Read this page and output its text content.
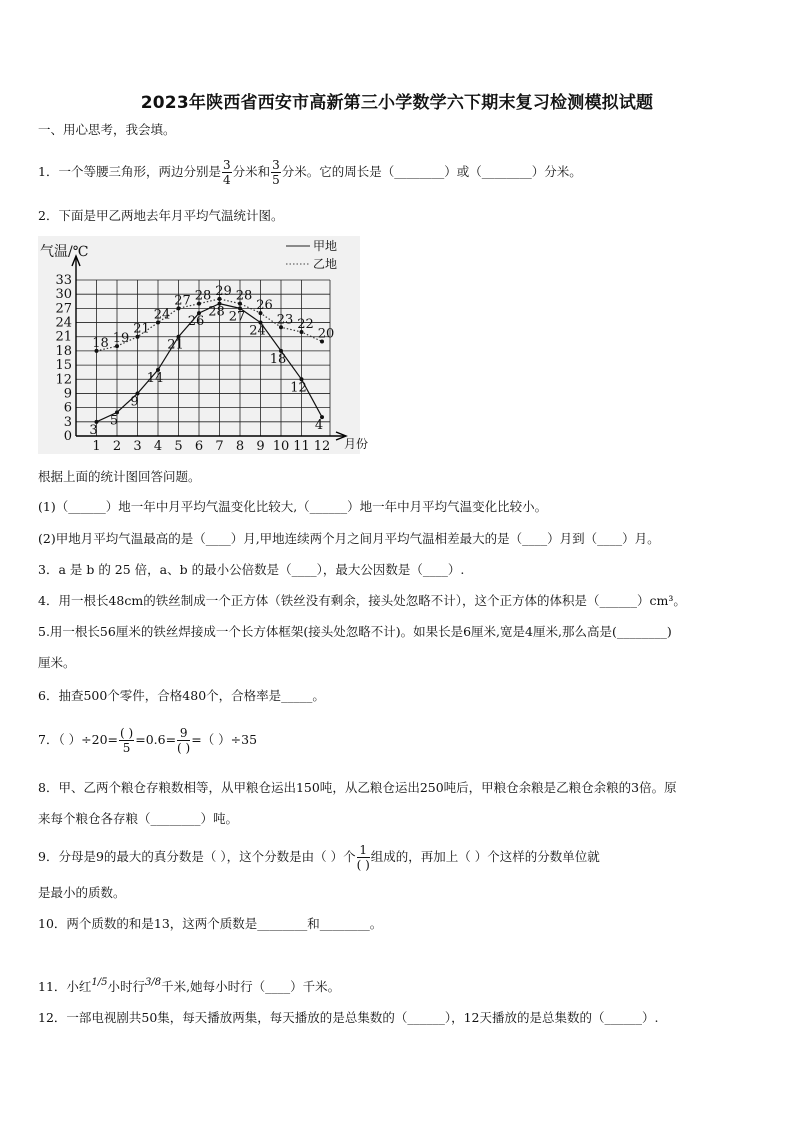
2023年陕西省西安市高新第三小学数学六下期末复习检测模拟试题
一、用心思考，我会填。
1．一个等腰三角形，两边分别是 $\frac{3}{4}$ 分米和 $\frac{3}{5}$ 分米。它的周长是（________）或（________）分米。
2．下面是甲乙两地去年月平均气温统计图。
0
3
6
9
12
15
18
21
24
27
30
33
1 2 3 4 5 6 7 8 9 10 11 12
气温/℃
月份
甲地
乙地
3
5
9
14
21
26
28 27
24
18
12
4
18 19
21
24
27 28 29 28
26
23 22
20
根据上面的统计图回答问题。
(1)（______）地一年中月平均气温变化比较大,（______）地一年中月平均气温变化比较小。
(2)甲地月平均气温最高的是（____）月,甲地连续两个月之间月平均气温相差最大的是（____）月到（____）月。
3．a 是 b 的 25 倍，a、b 的最小公倍数是（____），最大公因数是（____）.
4．用一根长48cm的铁丝制成一个正方体（铁丝没有剩余，接头处忽略不计），这个正方体的体积是（______）cm³。
5.用一根长56厘米的铁丝焊接成一个长方体框架(接头处忽略不计)。如果长是6厘米,宽是4厘米,那么高是(________)
厘米。
6．抽查500个零件，合格480个，合格率是_____。
7．（ ）$\div 20= \frac{( )}{5} =0.6= \frac{9}{( )}$ =（ ）÷35
8．甲、乙两个粮仓存粮数相等，从甲粮仓运出150吨，从乙粮仓运出250吨后，甲粮仓余粮是乙粮仓余粮的3倍。原
来每个粮仓各存粮（________）吨。
9．分母是9的最大的真分数是（ ），这个分数是由（ ）个 $\frac{1}{( )}$ 组成的，再加上（ ）个这样的分数单位就
是最小的质数。
10．两个质数的和是13，这两个质数是________和________。
11．小红$^{1/5}$小时行$^{3/8}$千米,她每小时行（____）千米。
12．一部电视剧共50集，每天播放两集，每天播放的是总集数的（______），12天播放的是总集数的（______）.
